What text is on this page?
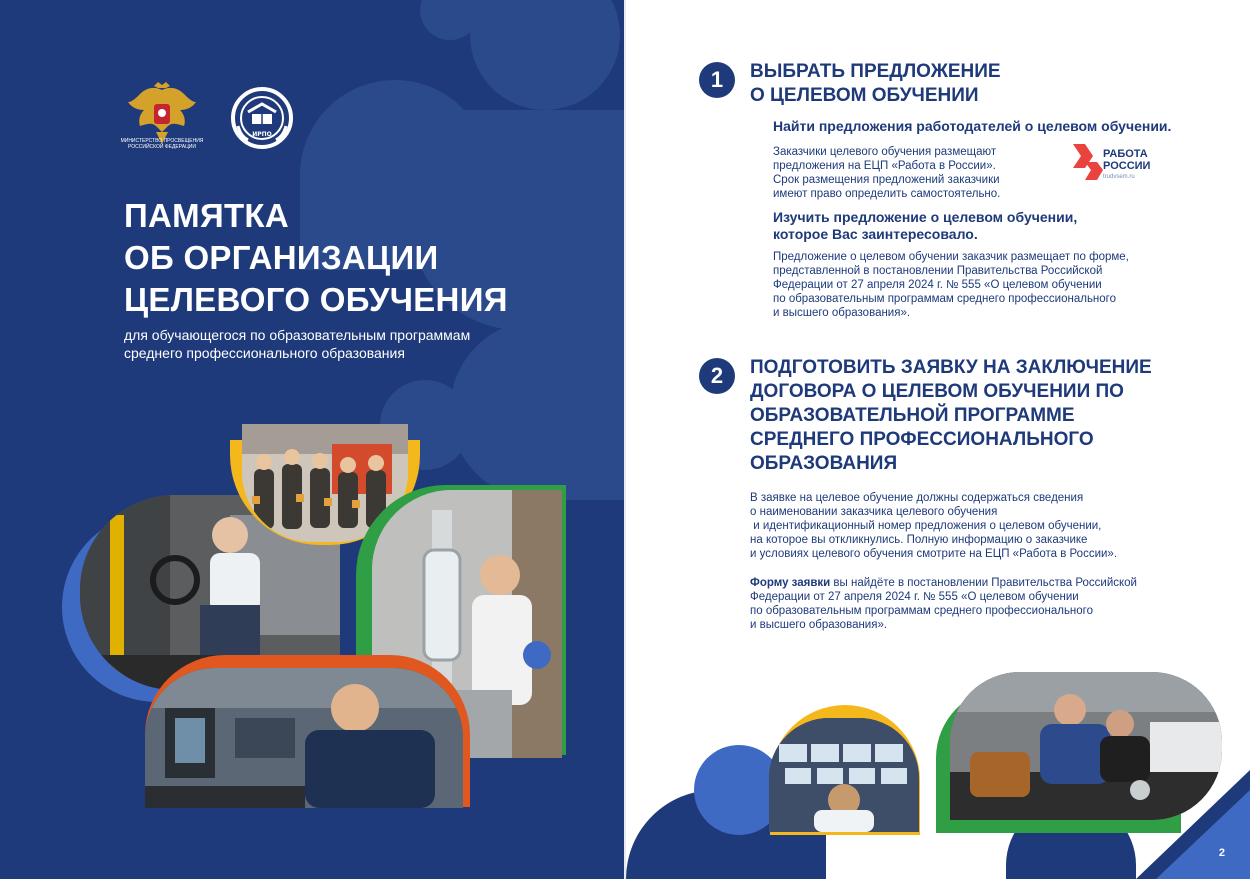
МИНИСТЕРСТВО ПРОСВЕЩЕНИЯ РОССИЙСКОЙ ФЕДЕРАЦИИ
ИРПО
ПАМЯТКА
ОБ ОРГАНИЗАЦИИ
ЦЕЛЕВОГО ОБУЧЕНИЯ
для обучающегося по образовательным программам
среднего профессионального образования
1	ВЫБРАТЬ ПРЕДЛОЖЕНИЕ
О ЦЕЛЕВОМ ОБУЧЕНИИ
Найти предложения работодателей о целевом обучении.
Заказчики целевого обучения размещают
предложения на ЕЦП «Работа в России».
Срок размещения предложений заказчики
имеют право определить самостоятельно.
РАБОТА
РОССИИ
trudvsem.ru
Изучить предложение о целевом обучении,
которое Вас заинтересовало.
Предложение о целевом обучении заказчик размещает по форме,
представленной в постановлении Правительства Российской
Федерации от 27 апреля 2024 г. № 555 «О целевом обучении
по образовательным программам среднего профессионального
и высшего образования».
2	ПОДГОТОВИТЬ ЗАЯВКУ НА ЗАКЛЮЧЕНИЕ
ДОГОВОРА О ЦЕЛЕВОМ ОБУЧЕНИИ ПО
ОБРАЗОВАТЕЛЬНОЙ ПРОГРАММЕ
СРЕДНЕГО ПРОФЕССИОНАЛЬНОГО
ОБРАЗОВАНИЯ
В заявке на целевое обучение должны содержаться сведения
о наименовании заказчика целевого обучения
и идентификационный номер предложения о целевом обучении,
на которое вы откликнулись. Полную информацию о заказчике
и условиях целевого обучения смотрите на ЕЦП «Работа в России».
Форму заявки вы найдёте в постановлении Правительства Российской
Федерации от 27 апреля 2024 г. № 555 «О целевом обучении
по образовательным программам среднего профессионального
и высшего образования».
2
